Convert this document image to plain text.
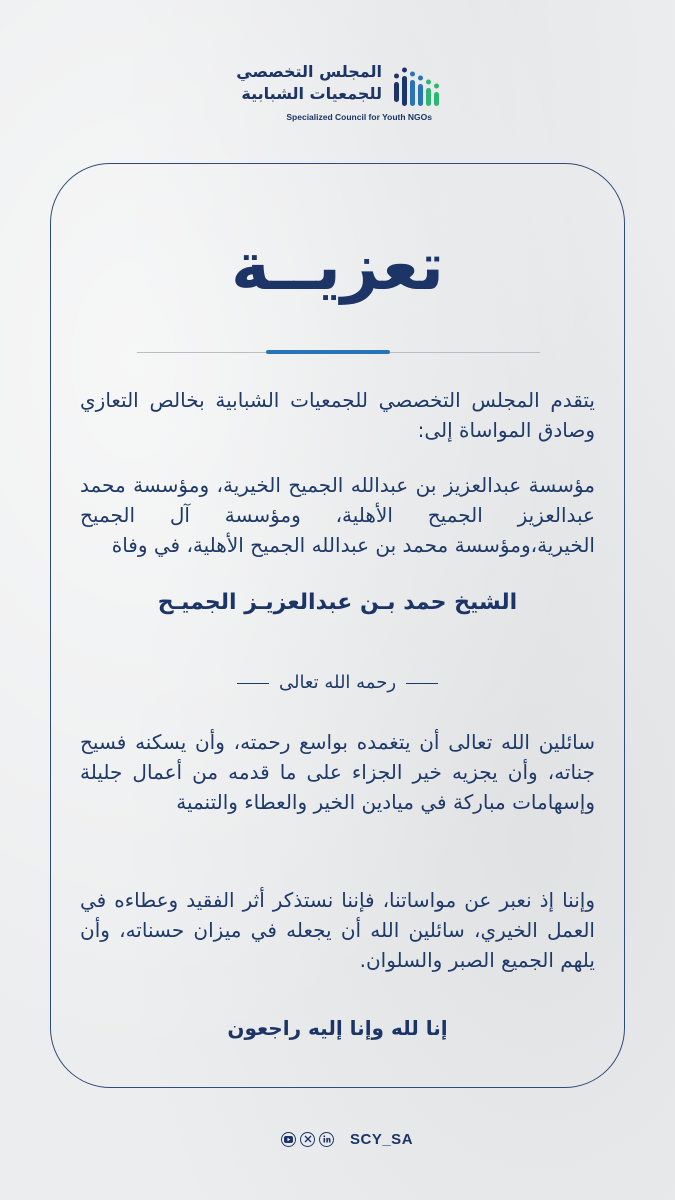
المجلس التخصصي
للجمعيات الشبابية
Specialized Council for Youth NGOs
تعزيــة
يتقدم المجلس التخصصي للجمعيات الشبابية بخالص التعازي وصادق المواساة إلى:
مؤسسة عبدالعزيز بن عبدالله الجميح الخيرية، ومؤسسة محمد عبدالعزيز الجميح الأهلية، ومؤسسة آل الجميح الخيرية،ومؤسسة محمد بن عبدالله الجميح الأهلية، في وفاة
الشيخ حمد بـن عبدالعزيـز الجميـح
رحمه الله تعالى
سائلين الله تعالى أن يتغمده بواسع رحمته، وأن يسكنه فسيح جناته، وأن يجزيه خير الجزاء على ما قدمه من أعمال جليلة وإسهامات مباركة في ميادين الخير والعطاء والتنمية
وإننا إذ نعبر عن مواساتنا، فإننا نستذكر أثر الفقيد وعطاءه في العمل الخيري، سائلين الله أن يجعله في ميزان حسناته، وأن يلهم الجميع الصبر والسلوان.
إنا لله وإنا إليه راجعون
SCY_SA
